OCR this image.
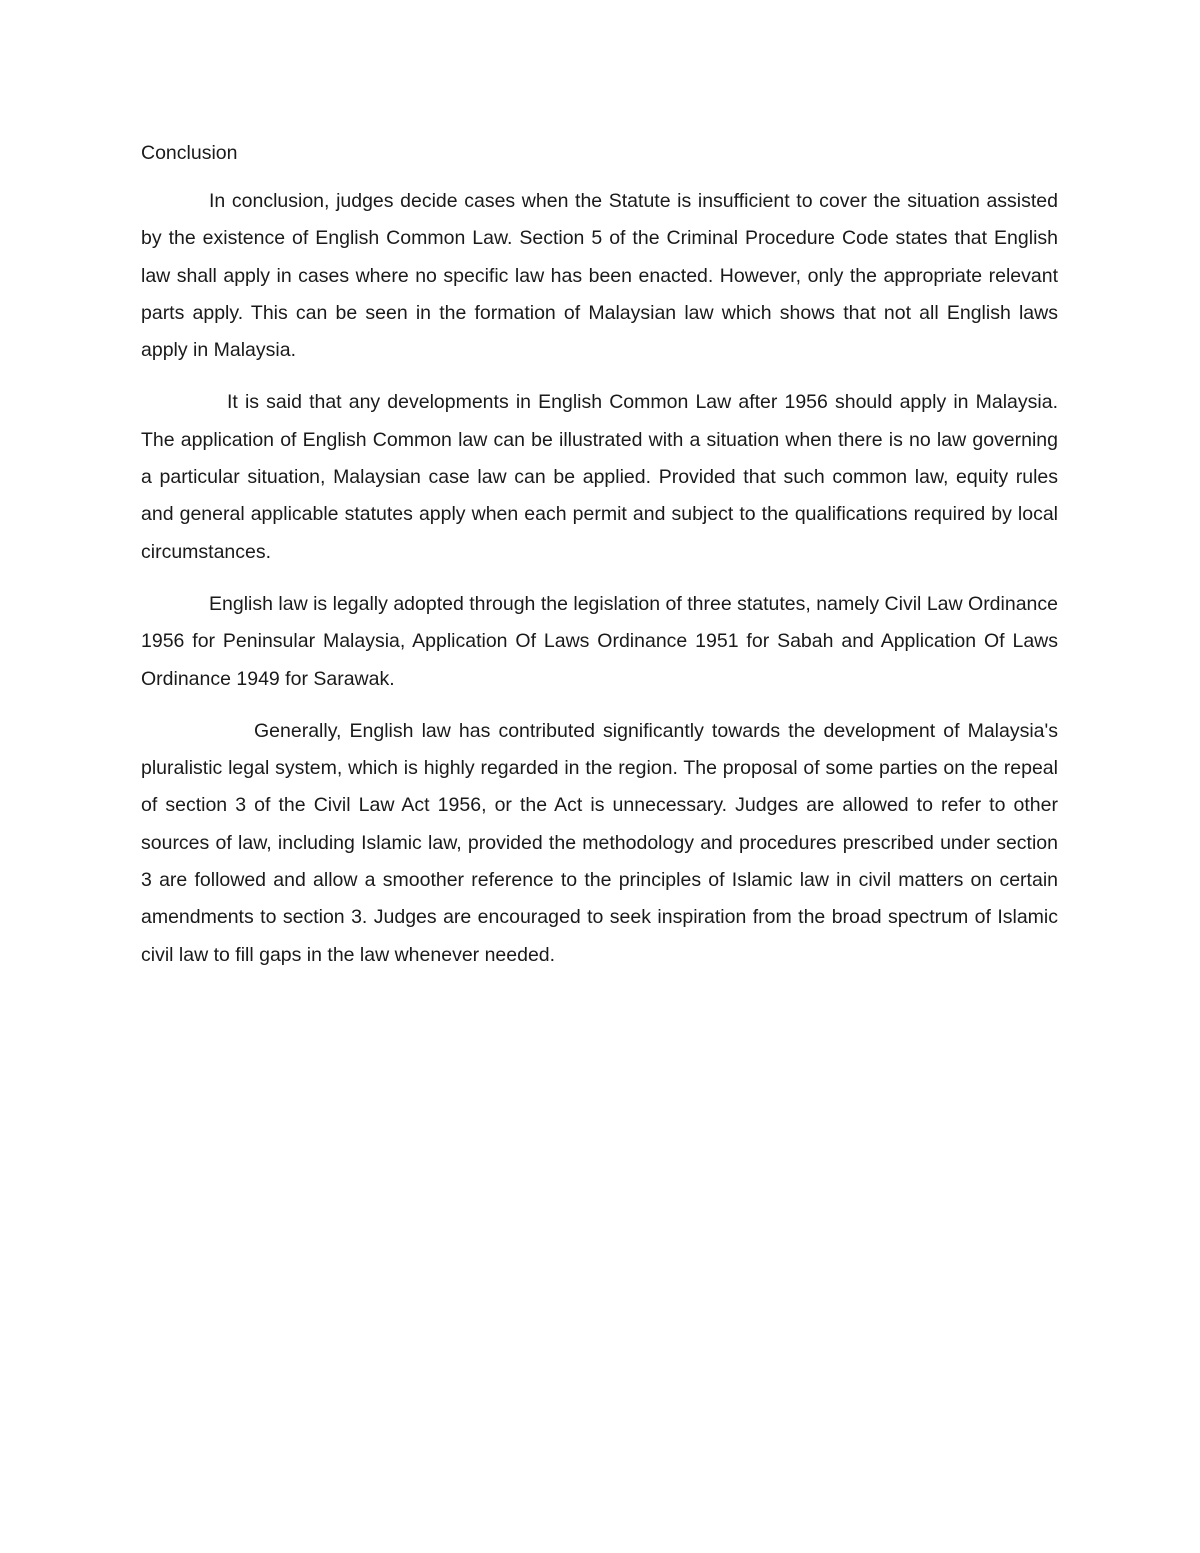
Conclusion

In conclusion, judges decide cases when the Statute is insufficient to cover the situation assisted by the existence of English Common Law. Section 5 of the Criminal Procedure Code states that English law shall apply in cases where no specific law has been enacted. However, only the appropriate relevant parts apply. This can be seen in the formation of Malaysian law which shows that not all English laws apply in Malaysia.

It is said that any developments in English Common Law after 1956 should apply in Malaysia. The application of English Common law can be illustrated with a situation when there is no law governing a particular situation, Malaysian case law can be applied. Provided that such common law, equity rules and general applicable statutes apply when each permit and subject to the qualifications required by local circumstances.

English law is legally adopted through the legislation of three statutes, namely Civil Law Ordinance 1956 for Peninsular Malaysia, Application Of Laws Ordinance 1951 for Sabah and Application Of Laws Ordinance 1949 for Sarawak.

Generally, English law has contributed significantly towards the development of Malaysia's pluralistic legal system, which is highly regarded in the region. The proposal of some parties on the repeal of section 3 of the Civil Law Act 1956, or the Act is unnecessary. Judges are allowed to refer to other sources of law, including Islamic law, provided the methodology and procedures prescribed under section 3 are followed and allow a smoother reference to the principles of Islamic law in civil matters on certain amendments to section 3. Judges are encouraged to seek inspiration from the broad spectrum of Islamic civil law to fill gaps in the law whenever needed.
